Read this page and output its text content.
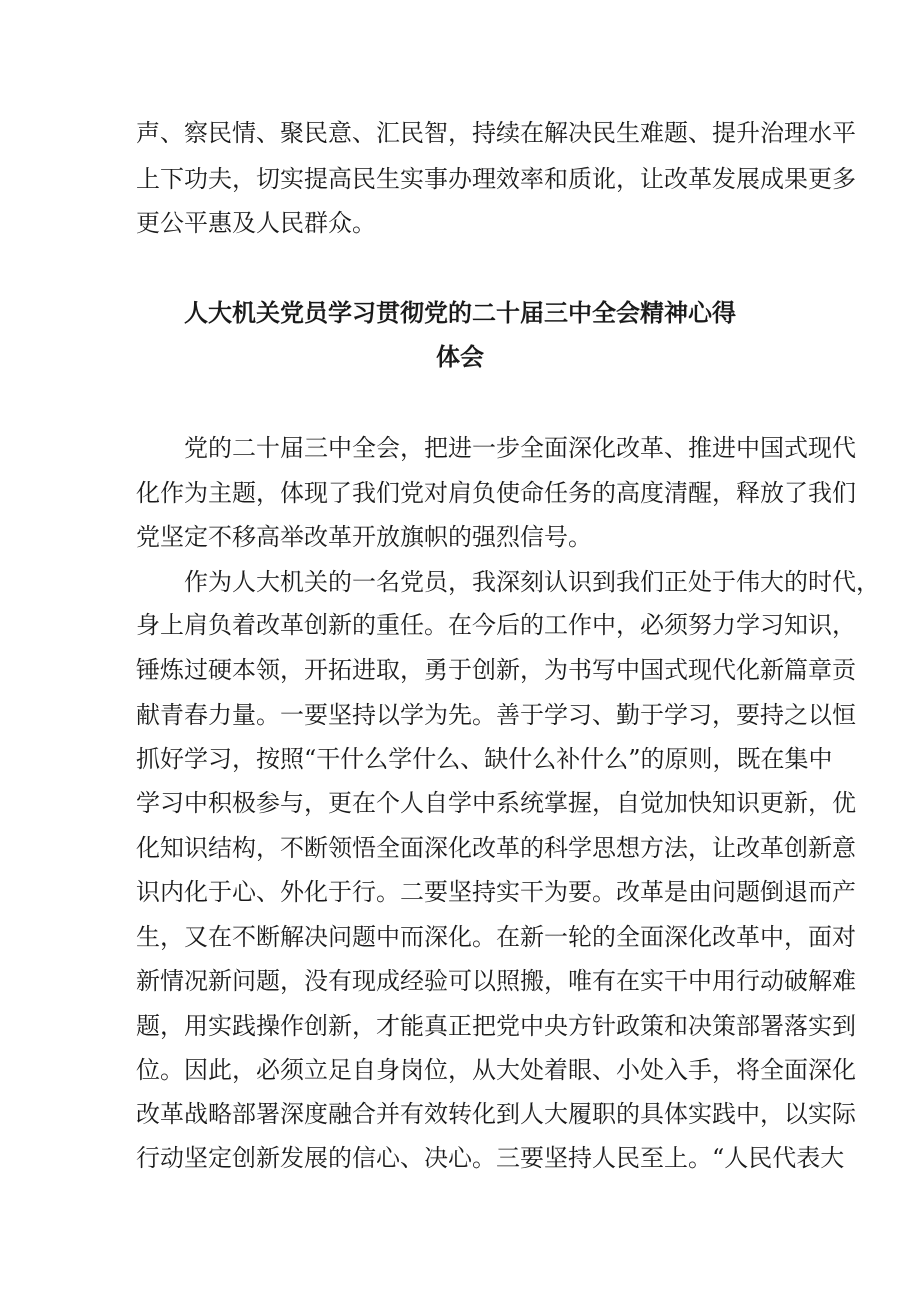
声、察民情、聚民意、汇民智，持续在解决民生难题、提升治理水平
上下功夫，切实提高民生实事办理效率和质讹，让改革发展成果更多
更公平惠及人民群众。
人大机关党员学习贯彻党的二十届三中全会精神心得
体会
党的二十届三中全会，把进一步全面深化改革、推进中国式现代
化作为主题，体现了我们党对肩负使命任务的高度清醒，释放了我们
党坚定不移高举改革开放旗帜的强烈信号。
作为人大机关的一名党员，我深刻认识到我们正处于伟大的时代，
身上肩负着改革创新的重任。在今后的工作中，必须努力学习知识，
锤炼过硬本领，开拓进取，勇于创新，为书写中国式现代化新篇章贡
献青春力量。一要坚持以学为先。善于学习、勤于学习，要持之以恒
抓好学习，按照“干什么学什么、缺什么补什么”的原则，既在集中
学习中积极参与，更在个人自学中系统掌握，自觉加快知识更新，优
化知识结构，不断领悟全面深化改革的科学思想方法，让改革创新意
识内化于心、外化于行。二要坚持实干为要。改革是由问题倒退而产
生，又在不断解决问题中而深化。在新一轮的全面深化改革中，面对
新情况新问题，没有现成经验可以照搬，唯有在实干中用行动破解难
题，用实践操作创新，才能真正把党中央方针政策和决策部署落实到
位。因此，必须立足自身岗位，从大处着眼、小处入手，将全面深化
改革战略部署深度融合并有效转化到人大履职的具体实践中，以实际
行动坚定创新发展的信心、决心。三要坚持人民至上。“人民代表大
